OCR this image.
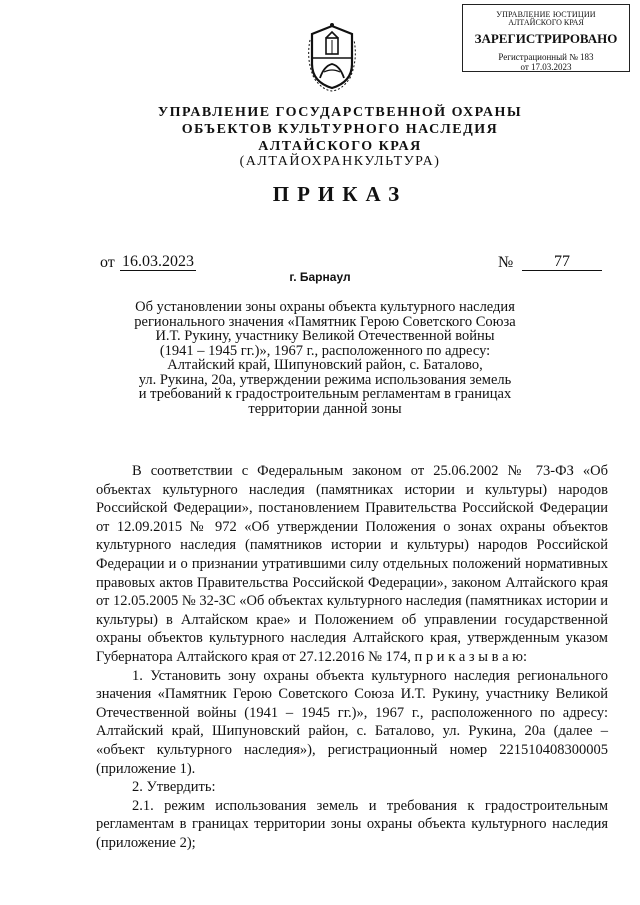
УПРАВЛЕНИЕ ЮСТИЦИИ
АЛТАЙСКОГО КРАЯ
ЗАРЕГИСТРИРОВАНО
Регистрационный № 183
от 17.03.2023
УПРАВЛЕНИЕ ГОСУДАРСТВЕННОЙ ОХРАНЫ
ОБЪЕКТОВ КУЛЬТУРНОГО НАСЛЕДИЯ
АЛТАЙСКОГО КРАЯ
(АЛТАЙОХРАНКУЛЬТУРА)
ПРИКАЗ
от 16.03.2023	№	77
г. Барнаул
Об установлении зоны охраны объекта культурного наследия
регионального значения «Памятник Герою Советского Союза
И.Т. Рукину, участнику Великой Отечественной войны
(1941 – 1945 гг.)», 1967 г., расположенного по адресу:
Алтайский край, Шипуновский район, с. Баталово,
ул. Рукина, 20а, утверждении режима использования земель
и требований к градостроительным регламентам в границах
территории данной зоны

В соответствии с Федеральным законом от 25.06.2002 № 73-ФЗ «Об объектах культурного наследия (памятниках истории и культуры) народов Российской Федерации», постановлением Правительства Российской Федерации от 12.09.2015 № 972 «Об утверждении Положения о зонах охраны объектов культурного наследия (памятников истории и культуры) народов Российской Федерации и о признании утратившими силу отдельных положений нормативных правовых актов Правительства Российской Федерации», законом Алтайского края от 12.05.2005 № 32-ЗС «Об объектах культурного наследия (памятниках истории и культуры) в Алтайском крае» и Положением об управлении государственной охраны объектов культурного наследия Алтайского края, утвержденным указом Губернатора Алтайского края от 27.12.2016 № 174, п р и к а з ы в а ю:

1. Установить зону охраны объекта культурного наследия регионального значения «Памятник Герою Советского Союза И.Т. Рукину, участнику Великой Отечественной войны (1941 – 1945 гг.)», 1967 г., расположенного по адресу: Алтайский край, Шипуновский район, с. Баталово, ул. Рукина, 20а (далее – «объект культурного наследия»), регистрационный номер 221510408300005 (приложение 1).

2. Утвердить:

2.1. режим использования земель и требования к градостроительным регламентам в границах территории зоны охраны объекта культурного наследия (приложение 2);
